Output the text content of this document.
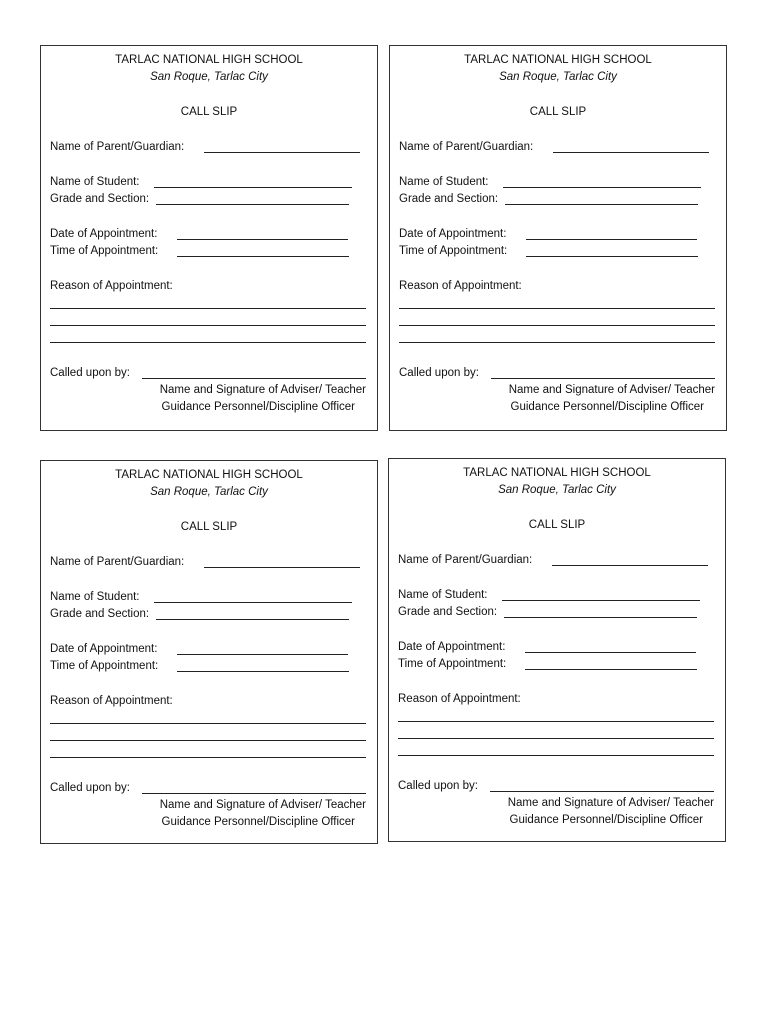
TARLAC NATIONAL HIGH SCHOOL
San Roque, Tarlac City
CALL SLIP
Name of Parent/Guardian:
Name of Student:
Grade and Section:
Date of Appointment:
Time of Appointment:
Reason of Appointment:
Called upon by:
Name and Signature of Adviser/ Teacher
Guidance Personnel/Discipline Officer
TARLAC NATIONAL HIGH SCHOOL
San Roque, Tarlac City
CALL SLIP
Name of Parent/Guardian:
Name of Student:
Grade and Section:
Date of Appointment:
Time of Appointment:
Reason of Appointment:
Called upon by:
Name and Signature of Adviser/ Teacher
Guidance Personnel/Discipline Officer
TARLAC NATIONAL HIGH SCHOOL
San Roque, Tarlac City
CALL SLIP
Name of Parent/Guardian:
Name of Student:
Grade and Section:
Date of Appointment:
Time of Appointment:
Reason of Appointment:
Called upon by:
Name and Signature of Adviser/ Teacher
Guidance Personnel/Discipline Officer
TARLAC NATIONAL HIGH SCHOOL
San Roque, Tarlac City
CALL SLIP
Name of Parent/Guardian:
Name of Student:
Grade and Section:
Date of Appointment:
Time of Appointment:
Reason of Appointment:
Called upon by:
Name and Signature of Adviser/ Teacher
Guidance Personnel/Discipline Officer
